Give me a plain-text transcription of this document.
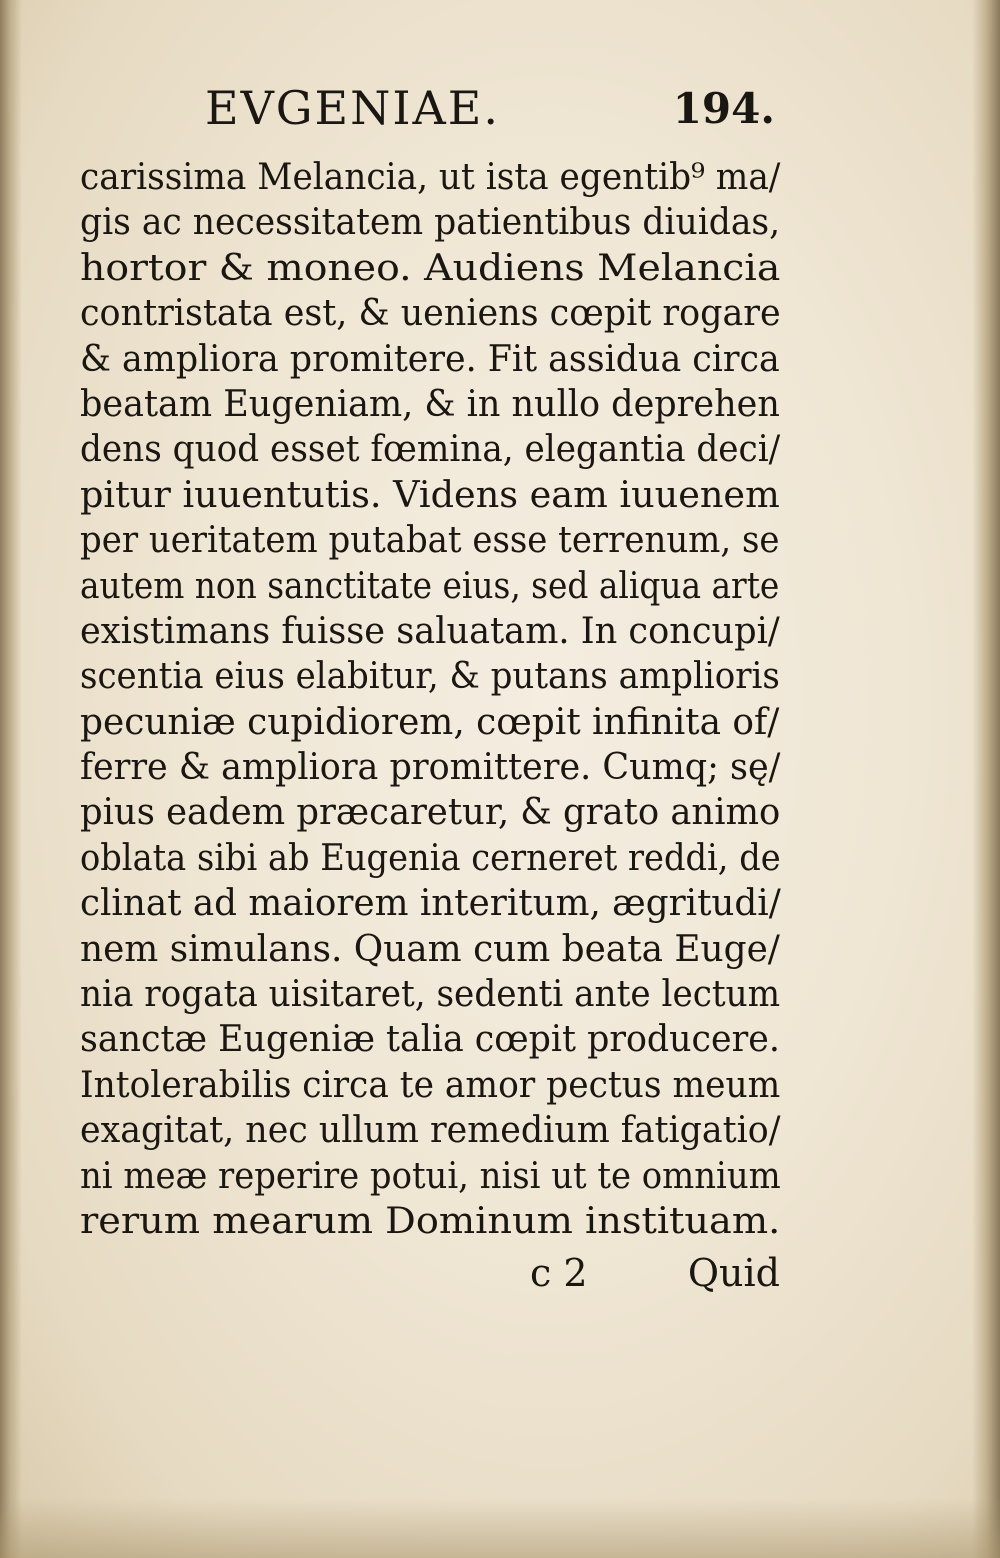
EVGENIAE.	194.
carissima Melancia, ut ista egentib⁹ ma/
gis ac necessitatem patientibus diuidas,
hortor & moneo. Audiens Melancia
contristata est, & ueniens cœpit rogare
& ampliora promitere. Fit assidua circa
beatam Eugeniam, & in nullo deprehen
dens quod esset fœmina, elegantia deci/
pitur iuuentutis. Videns eam iuuenem
per ueritatem putabat esse terrenum, se
autem non sanctitate eius, sed aliqua arte
existimans fuisse saluatam. In concupi/
scentia eius elabitur, & putans amplioris
pecuniæ cupidiorem, cœpit infinita of/
ferre & ampliora promittere. Cumq; sę/
pius eadem præcaretur, & grato animo
oblata sibi ab Eugenia cerneret reddi, de
clinat ad maiorem interitum, ægritudi/
nem simulans. Quam cum beata Euge/
nia rogata uisitaret, sedenti ante lectum
sanctæ Eugeniæ talia cœpit producere.
Intolerabilis circa te amor pectus meum
exagitat, nec ullum remedium fatigatio/
ni meæ reperire potui, nisi ut te omnium
rerum mearum Dominum instituam.
c 2	Quid
